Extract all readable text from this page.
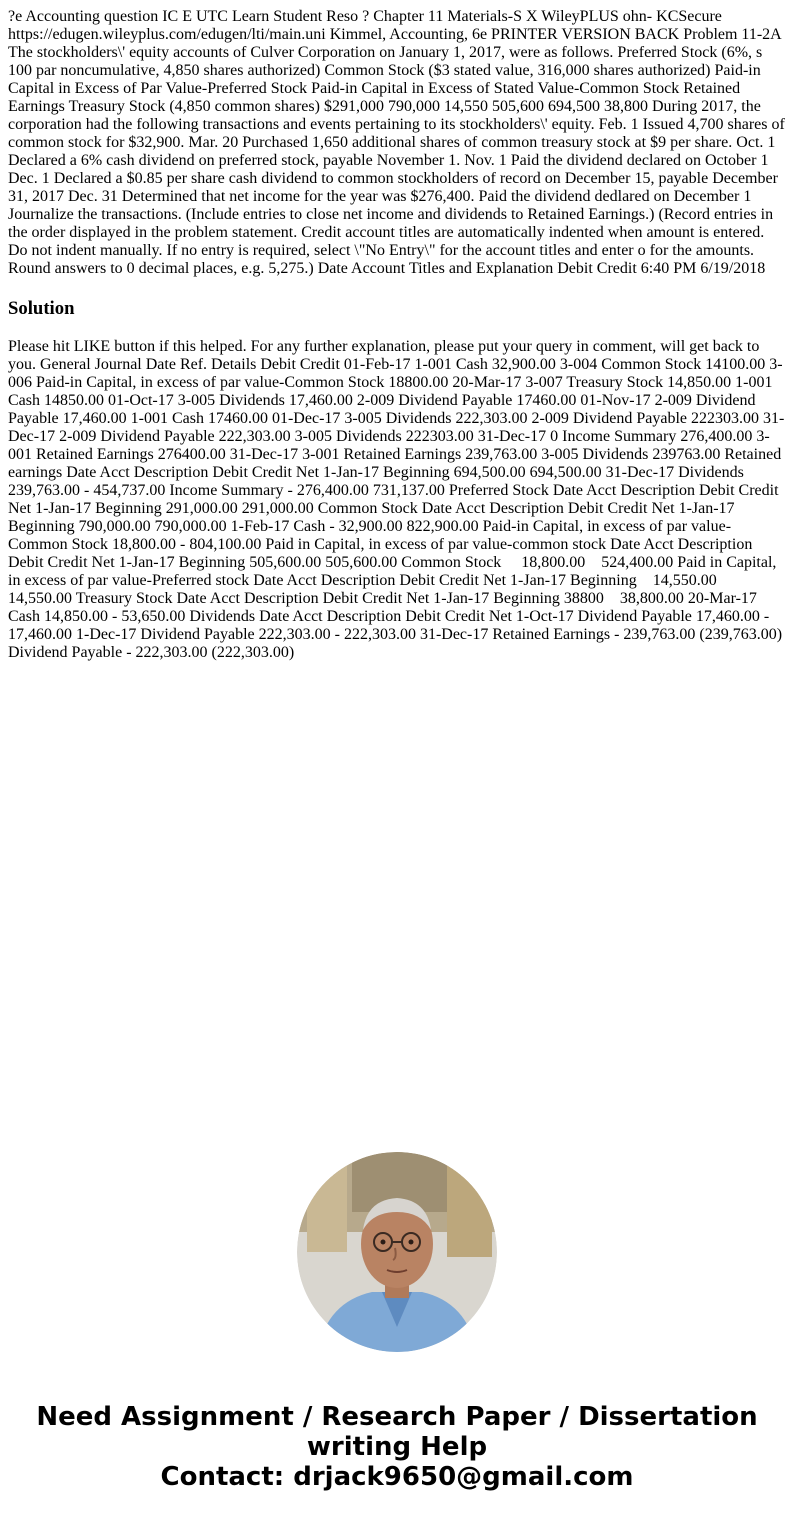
?e Accounting question IC E UTC Learn Student Reso ? Chapter 11 Materials-S X WileyPLUS ohn- KCSecure https://edugen.wileyplus.com/edugen/lti/main.uni Kimmel, Accounting, 6e PRINTER VERSION BACK Problem 11-2A The stockholders\' equity accounts of Culver Corporation on January 1, 2017, were as follows. Preferred Stock (6%, s 100 par noncumulative, 4,850 shares authorized) Common Stock ($3 stated value, 316,000 shares authorized) Paid-in Capital in Excess of Par Value-Preferred Stock Paid-in Capital in Excess of Stated Value-Common Stock Retained Earnings Treasury Stock (4,850 common shares) $291,000 790,000 14,550 505,600 694,500 38,800 During 2017, the corporation had the following transactions and events pertaining to its stockholders\' equity. Feb. 1 Issued 4,700 shares of common stock for $32,900. Mar. 20 Purchased 1,650 additional shares of common treasury stock at $9 per share. Oct. 1 Declared a 6% cash dividend on preferred stock, payable November 1. Nov. 1 Paid the dividend declared on October 1 Dec. 1 Declared a $0.85 per share cash dividend to common stockholders of record on December 15, payable December 31, 2017 Dec. 31 Determined that net income for the year was $276,400. Paid the dividend dedlared on December 1 Journalize the transactions. (Include entries to close net income and dividends to Retained Earnings.) (Record entries in the order displayed in the problem statement. Credit account titles are automatically indented when amount is entered. Do not indent manually. If no entry is required, select \"No Entry\" for the account titles and enter o for the amounts. Round answers to 0 decimal places, e.g. 5,275.) Date Account Titles and Explanation Debit Credit 6:40 PM 6/19/2018

Solution

Please hit LIKE button if this helped. For any further explanation, please put your query in comment, will get back to you. General Journal Date Ref. Details Debit Credit 01-Feb-17 1-001 Cash 32,900.00 3-004 Common Stock 14100.00 3-006 Paid-in Capital, in excess of par value-Common Stock 18800.00 20-Mar-17 3-007 Treasury Stock 14,850.00 1-001 Cash 14850.00 01-Oct-17 3-005 Dividends 17,460.00 2-009 Dividend Payable 17460.00 01-Nov-17 2-009 Dividend Payable 17,460.00 1-001 Cash 17460.00 01-Dec-17 3-005 Dividends 222,303.00 2-009 Dividend Payable 222303.00 31-Dec-17 2-009 Dividend Payable 222,303.00 3-005 Dividends 222303.00 31-Dec-17 0 Income Summary 276,400.00 3-001 Retained Earnings 276400.00 31-Dec-17 3-001 Retained Earnings 239,763.00 3-005 Dividends 239763.00 Retained earnings Date Acct Description Debit Credit Net 1-Jan-17 Beginning 694,500.00 694,500.00 31-Dec-17 Dividends 239,763.00 - 454,737.00 Income Summary - 276,400.00 731,137.00 Preferred Stock Date Acct Description Debit Credit Net 1-Jan-17 Beginning 291,000.00 291,000.00 Common Stock Date Acct Description Debit Credit Net 1-Jan-17 Beginning 790,000.00 790,000.00 1-Feb-17 Cash - 32,900.00 822,900.00 Paid-in Capital, in excess of par value-Common Stock 18,800.00 - 804,100.00 Paid in Capital, in excess of par value-common stock Date Acct Description Debit Credit Net 1-Jan-17 Beginning 505,600.00 505,600.00 Common Stock     18,800.00    524,400.00 Paid in Capital, in excess of par value-Preferred stock Date Acct Description Debit Credit Net 1-Jan-17 Beginning    14,550.00    14,550.00 Treasury Stock Date Acct Description Debit Credit Net 1-Jan-17 Beginning 38800    38,800.00 20-Mar-17 Cash 14,850.00 - 53,650.00 Dividends Date Acct Description Debit Credit Net 1-Oct-17 Dividend Payable 17,460.00 - 17,460.00 1-Dec-17 Dividend Payable 222,303.00 - 222,303.00 31-Dec-17 Retained Earnings - 239,763.00 (239,763.00) Dividend Payable - 222,303.00 (222,303.00)

Need Assignment / Research Paper / Dissertation
writing Help
Contact: drjack9650@gmail.com
